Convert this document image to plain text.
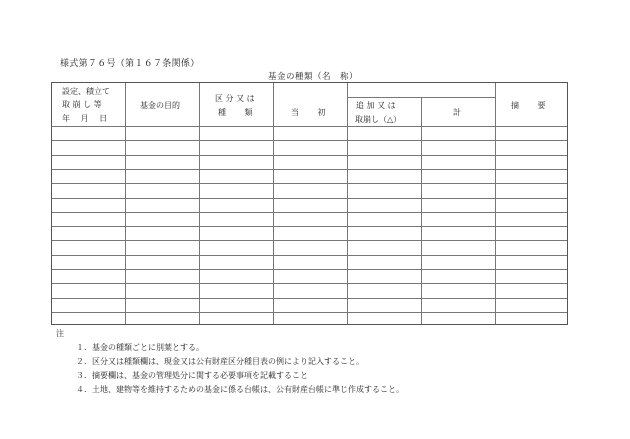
様式第７６号（第１６７条関係）
基金の種類（名　称）
設定、積立て
取 崩 し 等
年　 月　 日
基金の目的
区 分 又 は
種　　 類	当　　 初
追 加 又 は
取崩し（△）
計
摘　　 要
注
１．基金の種類ごとに別葉とする。
２．区分又は種類欄は、現金又は公有財産区分種目表の例により記入すること。
３．摘要欄は、基金の管理処分に関する必要事項を記載すること
４．土地、建物等を維持するための基金に係る台帳は、公有財産台帳に準じ作成すること。
